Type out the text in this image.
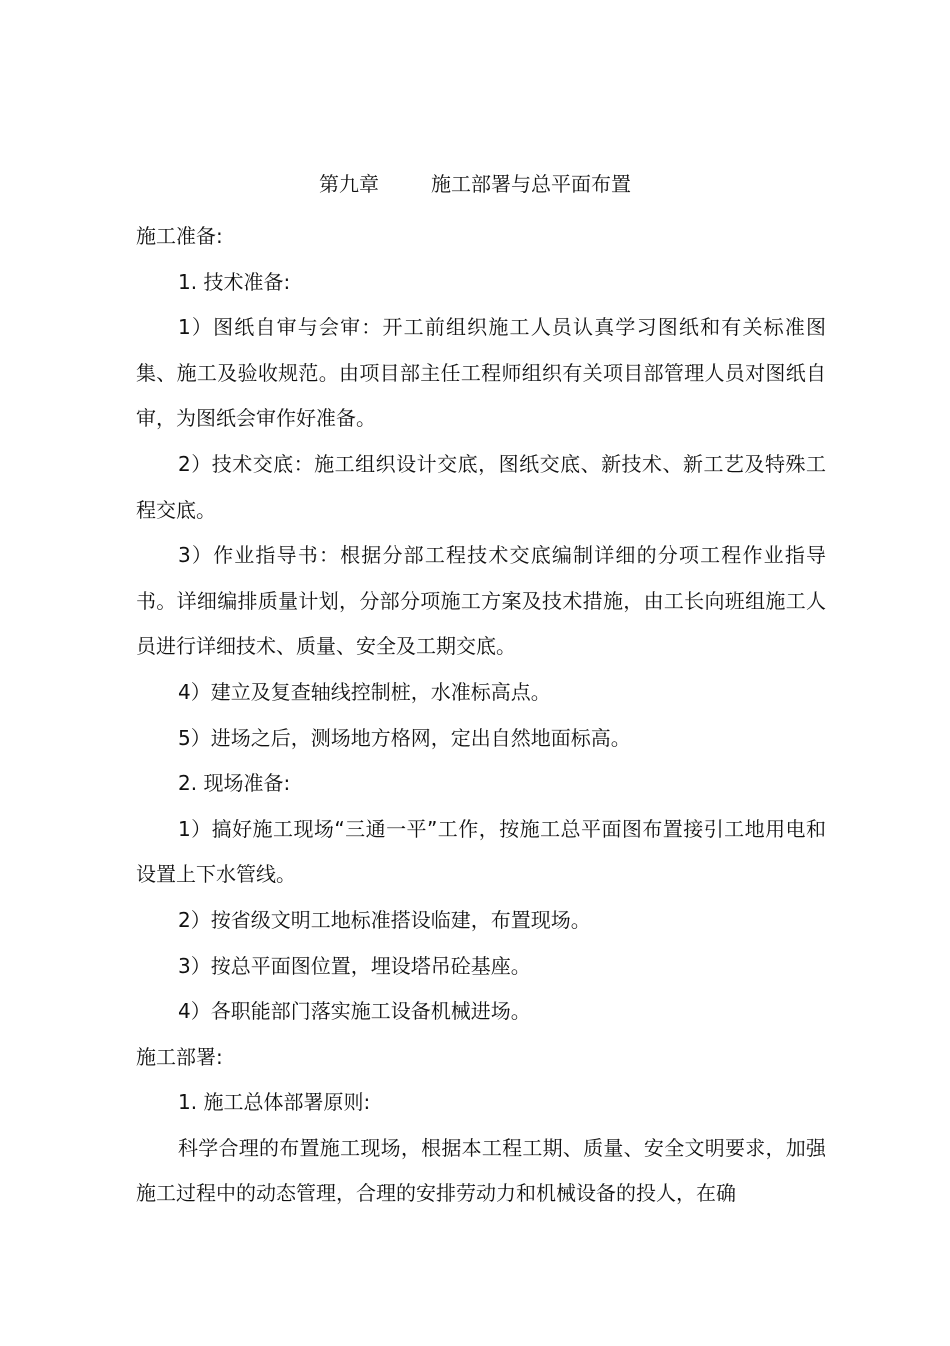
第九章	施工部署与总平面布置

施工准备:

1. 技术准备:

1）图纸自审与会审：开工前组织施工人员认真学习图纸和有关标准图集、施工及验收规范。由项目部主任工程师组织有关项目部管理人员对图纸自审，为图纸会审作好准备。

2）技术交底：施工组织设计交底，图纸交底、新技术、新工艺及特殊工程交底。

3）作业指导书：根据分部工程技术交底编制详细的分项工程作业指导书。详细编排质量计划，分部分项施工方案及技术措施，由工长向班组施工人员进行详细技术、质量、安全及工期交底。

4）建立及复查轴线控制桩，水准标高点。

5）进场之后，测场地方格网，定出自然地面标高。

2. 现场准备:

1）搞好施工现场“三通一平”工作，按施工总平面图布置接引工地用电和设置上下水管线。

2）按省级文明工地标准搭设临建，布置现场。

3）按总平面图位置，埋设塔吊砼基座。

4）各职能部门落实施工设备机械进场。

施工部署:

1. 施工总体部署原则:

科学合理的布置施工现场，根据本工程工期、质量、安全文明要求，加强施工过程中的动态管理，合理的安排劳动力和机械设备的投人，在确
